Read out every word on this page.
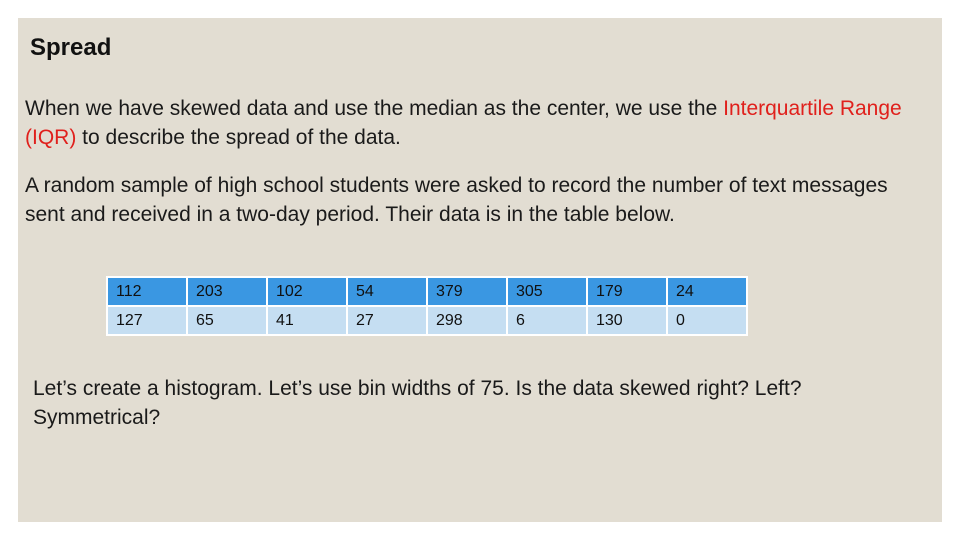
Spread

When we have skewed data and use the median as the center, we use the Interquartile Range (IQR) to describe the spread of the data.

A random sample of high school students were asked to record the number of text messages sent and received in a two-day period. Their data is in the table below.

112	203	102	54	379	305	179	24
127	65	41	27	298	6	130	0

Let’s create a histogram. Let’s use bin widths of 75. Is the data skewed right? Left? Symmetrical?
